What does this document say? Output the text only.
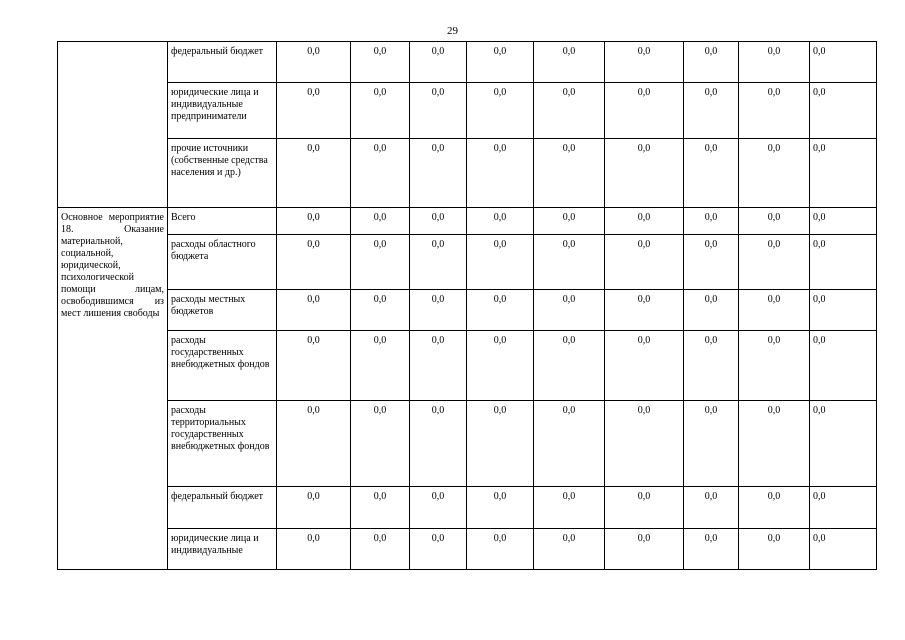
29
	федеральный бюджет	0,0	0,0	0,0	0,0	0,0	0,0	0,0	0,0	0,0
	юридические лица и индивидуальные предприниматели	0,0	0,0	0,0	0,0	0,0	0,0	0,0	0,0	0,0
	прочие источники (собственные средства населения и др.)	0,0	0,0	0,0	0,0	0,0	0,0	0,0	0,0	0,0
Основное мероприятие 18. Оказание материальной, социальной, юридической, психологической помощи лицам, освободившимся из мест лишения свободы	Всего	0,0	0,0	0,0	0,0	0,0	0,0	0,0	0,0	0,0
	расходы областного бюджета	0,0	0,0	0,0	0,0	0,0	0,0	0,0	0,0	0,0
	расходы местных бюджетов	0,0	0,0	0,0	0,0	0,0	0,0	0,0	0,0	0,0
	расходы государственных внебюджетных фондов	0,0	0,0	0,0	0,0	0,0	0,0	0,0	0,0	0,0
	расходы территориальных государственных внебюджетных фондов	0,0	0,0	0,0	0,0	0,0	0,0	0,0	0,0	0,0
	федеральный бюджет	0,0	0,0	0,0	0,0	0,0	0,0	0,0	0,0	0,0
	юридические лица и индивидуальные	0,0	0,0	0,0	0,0	0,0	0,0	0,0	0,0	0,0
